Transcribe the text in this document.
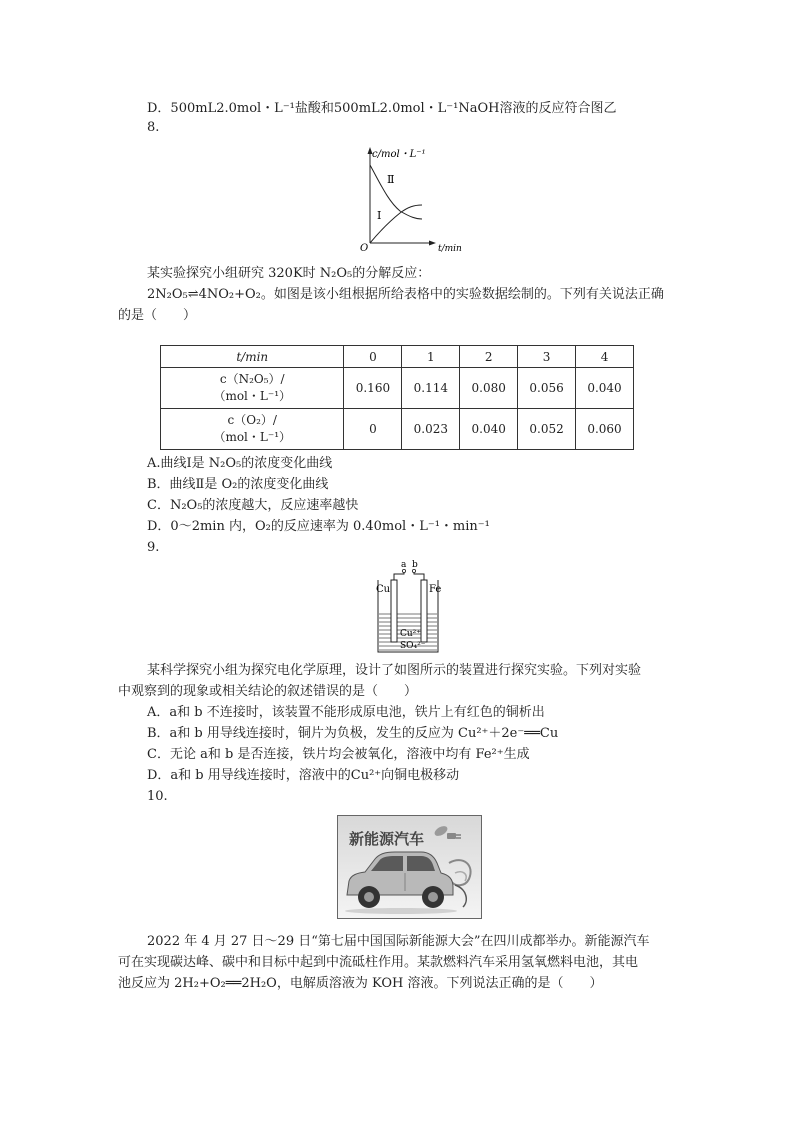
D．500mL2.0mol・L⁻¹盐酸和500mL2.0mol・L⁻¹NaOH溶液的反应符合图乙
8.
c/mol・L⁻¹
Ⅱ
Ⅰ
O	t/min
某实验探究小组研究 320K时 N₂O₅的分解反应：
2N₂O₅⇌4NO₂+O₂。如图是该小组根据所给表格中的实验数据绘制的。下列有关说法正确
的是（　　）
t/min	0	1	2	3	4

c（N₂O₅）/
（mol・L⁻¹）	0.160	0.114	0.080	0.056	0.040

c（O₂）/
（mol・L⁻¹）	0	0.023	0.040	0.052	0.060
A.曲线Ⅰ是 N₂O₅的浓度变化曲线
B．曲线Ⅱ是 O₂的浓度变化曲线
C．N₂O₅的浓度越大，反应速率越快
D．0～2min 内，O₂的反应速率为 0.40mol・L⁻¹・min⁻¹
9.
a b
Cu	Fe
Cu²⁺
SO₄²⁻
某科学探究小组为探究电化学原理，设计了如图所示的装置进行探究实验。下列对实验
中观察到的现象或相关结论的叙述错误的是（　　）
A．a和 b 不连接时，该装置不能形成原电池，铁片上有红色的铜析出
B．a和 b 用导线连接时，铜片为负极，发生的反应为 Cu²⁺＋2e⁻══Cu
C．无论 a和 b 是否连接，铁片均会被氧化，溶液中均有 Fe²⁺生成
D．a和 b 用导线连接时，溶液中的Cu²⁺向铜电极移动
10.
新能源汽车
2022 年 4 月 27 日～29 日“第七届中国国际新能源大会”在四川成都举办。新能源汽车
可在实现碳达峰、碳中和目标中起到中流砥柱作用。某款燃料汽车采用氢氧燃料电池，其电
池反应为 2H₂+O₂══2H₂O，电解质溶液为 KOH 溶液。下列说法正确的是（　　）
